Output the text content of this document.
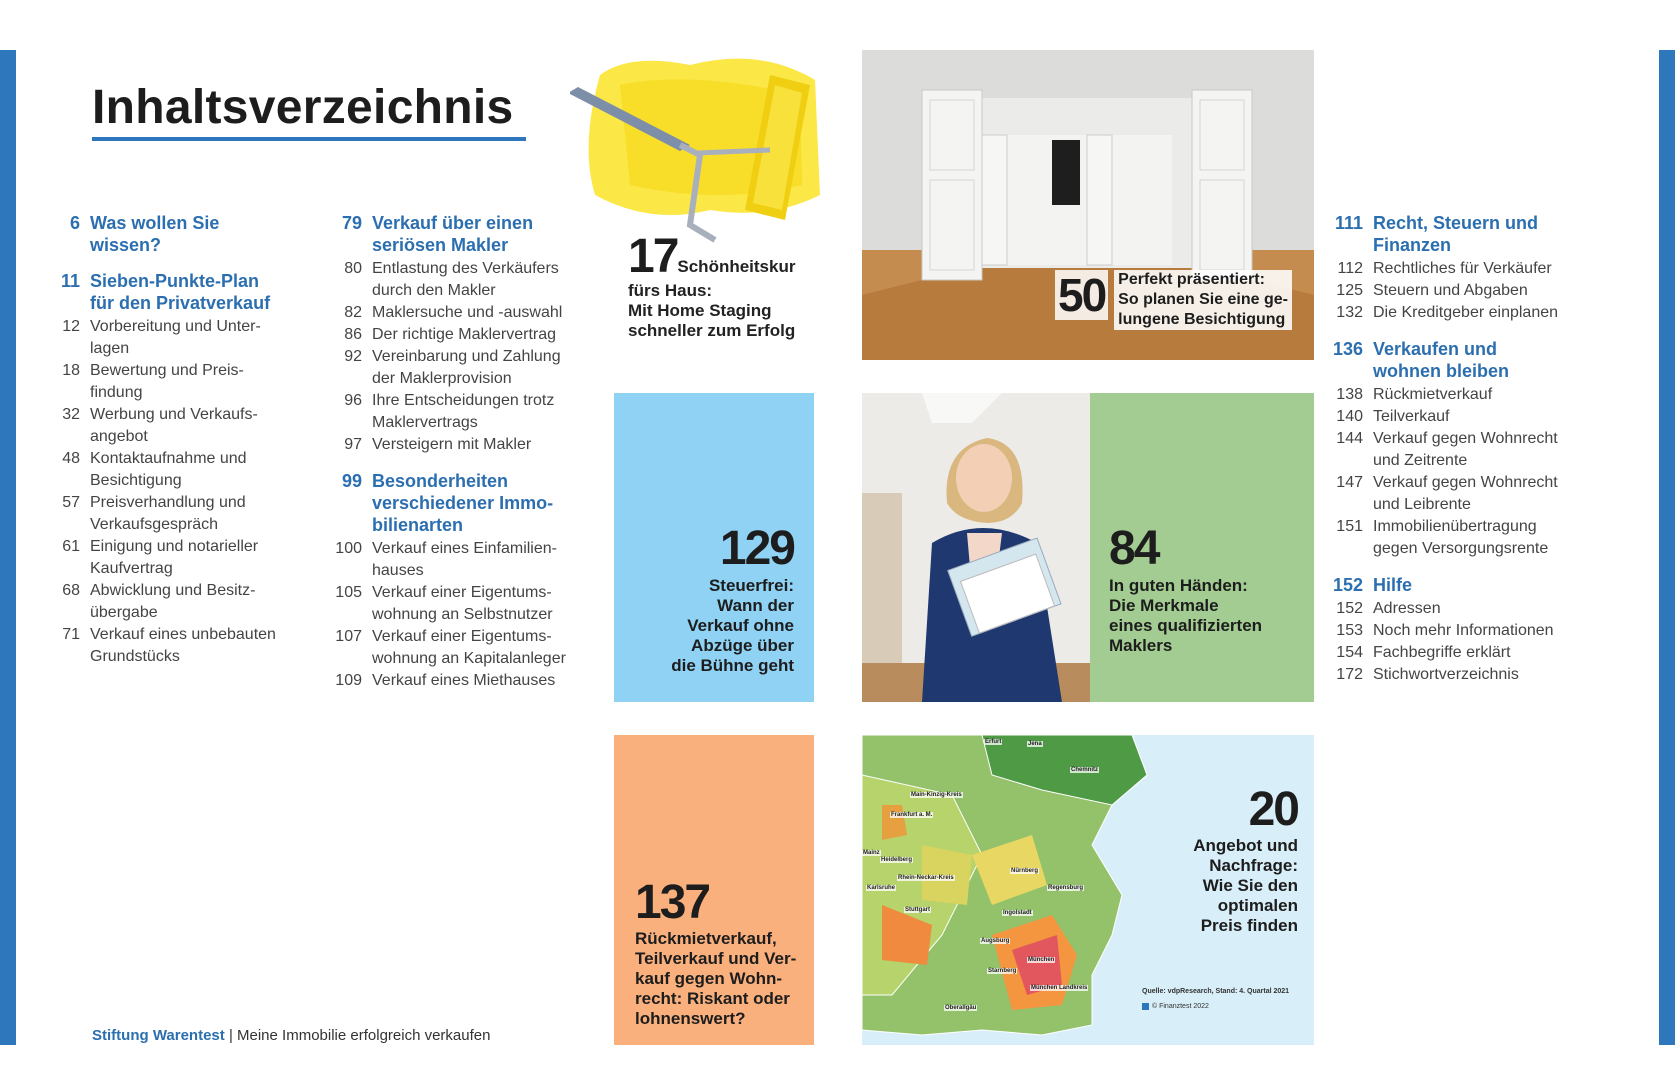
Inhaltsverzeichnis
6 Was wollen Sie
wissen?
11 Sieben-Punkte-Plan
für den Privatverkauf
12 Vorbereitung und Unter-
lagen
18 Bewertung und Preis-
findung
32 Werbung und Verkaufs-
angebot
48 Kontaktaufnahme und
Besichtigung
57 Preisverhandlung und
Verkaufsgespräch
61 Einigung und notarieller
Kaufvertrag
68 Abwicklung und Besitz-
übergabe
71 Verkauf eines unbebauten
Grundstücks
79 Verkauf über einen
seriösen Makler
80 Entlastung des Verkäufers
durch den Makler
82 Maklersuche und -auswahl
86 Der richtige Maklervertrag
92 Vereinbarung und Zahlung
der Maklerprovision
96 Ihre Entscheidungen trotz
Maklervertrags
97 Versteigern mit Makler
99 Besonderheiten
verschiedener Immo-
bilienarten
100 Verkauf eines Einfamilien-
hauses
105 Verkauf einer Eigentums-
wohnung an Selbstnutzer
107 Verkauf einer Eigentums-
wohnung an Kapitalanleger
109 Verkauf eines Miethauses
111 Recht, Steuern und
Finanzen
112 Rechtliches für Verkäufer
125 Steuern und Abgaben
132 Die Kreditgeber einplanen
136 Verkaufen und
wohnen bleiben
138 Rückmietverkauf
140 Teilverkauf
144 Verkauf gegen Wohnrecht
und Zeitrente
147 Verkauf gegen Wohnrecht
und Leibrente
151 Immobilienübertragung
gegen Versorgungsrente
152 Hilfe
152 Adressen
153 Noch mehr Informationen
154 Fachbegriffe erklärt
172 Stichwortverzeichnis
17Schönheitskur
fürs Haus:
Mit Home Staging
schneller zum Erfolg
50 Perfekt präsentiert:
So planen Sie eine ge-
lungene Besichtigung
129
Steuerfrei:
Wann der
Verkauf ohne
Abzüge über
die Bühne geht
84
In guten Händen:
Die Merkmale
eines qualifizierten
Maklers
137
Rückmietverkauf,
Teilverkauf und Ver-
kauf gegen Wohn-
recht: Riskant oder
lohnenswert?
Erfurt	Jena
Chemnitz
Main-Kinzig-Kreis
Frankfurt a. M.
Heidelberg
Rhein-Neckar-Kreis
Nürnberg
Regensburg
Karlsruhe
Stuttgart	Ingolstadt
Augsburg
München
Starnberg
München Landkreis
Oberallgäu
Mainz
20
Angebot und
Nachfrage:
Wie Sie den
optimalen
Preis finden
Quelle: vdpResearch, Stand: 4. Quartal 2021
© Finanztest 2022
Stiftung Warentest | Meine Immobilie erfolgreich verkaufen
